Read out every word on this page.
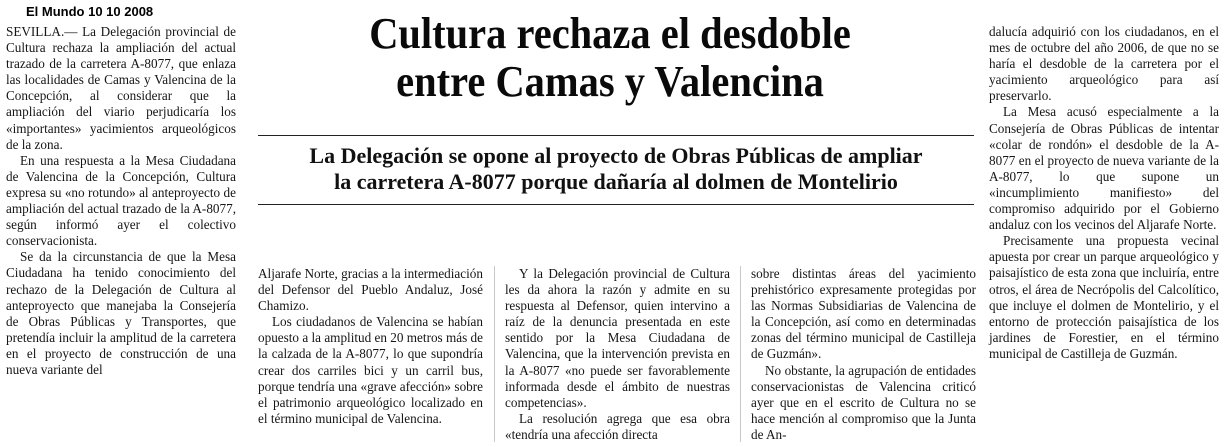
El Mundo 10 10 2008

SEVILLA.— La Delegación provincial de Cultura rechaza la ampliación del actual trazado de la carretera A-8077, que enlaza las localidades de Camas y Valencina de la Concepción, al considerar que la ampliación del viario perjudicaría los «importantes» yacimientos arqueológicos de la zona.

En una respuesta a la Mesa Ciudadana de Valencina de la Concepción, Cultura expresa su «no rotundo» al anteproyecto de ampliación del actual trazado de la A-8077, según informó ayer el colectivo conservacionista.

Se da la circunstancia de que la Mesa Ciudadana ha tenido conocimiento del rechazo de la Delegación de Cultura al anteproyecto que manejaba la Consejería de Obras Públicas y Transportes, que pretendía incluir la amplitud de la carretera en el proyecto de construcción de una nueva variante del

Cultura rechaza el desdoble
entre Camas y Valencina
La Delegación se opone al proyecto de Obras Públicas de ampliar
la carretera A-8077 porque dañaría al dolmen de Montelirio

Aljarafe Norte, gracias a la intermediación del Defensor del Pueblo Andaluz, José Chamizo.

Los ciudadanos de Valencina se habían opuesto a la amplitud en 20 metros más de la calzada de la A-8077, lo que supondría crear dos carriles bici y un carril bus, porque tendría una «grave afección» sobre el patrimonio arqueológico localizado en el término municipal de Valencina.

Y la Delegación provincial de Cultura les da ahora la razón y admite en su respuesta al Defensor, quien intervino a raíz de la denuncia presentada en este sentido por la Mesa Ciudadana de Valencina, que la intervención prevista en la A-8077 «no puede ser favorablemente informada desde el ámbito de nuestras competencias».

La resolución agrega que esa obra «tendría una afección directa

sobre distintas áreas del yacimiento prehistórico expresamente protegidas por las Normas Subsidiarias de Valencina de la Concepción, así como en determinadas zonas del término municipal de Castilleja de Guzmán».

No obstante, la agrupación de entidades conservacionistas de Valencina criticó ayer que en el escrito de Cultura no se hace mención al compromiso que la Junta de An-

dalucía adquirió con los ciudadanos, en el mes de octubre del año 2006, de que no se haría el desdoble de la carretera por el yacimiento arqueológico para así preservarlo.

La Mesa acusó especialmente a la Consejería de Obras Públicas de intentar «colar de rondón» el desdoble de la A-8077 en el proyecto de nueva variante de la A-8077, lo que supone un «incumplimiento manifiesto» del compromiso adquirido por el Gobierno andaluz con los vecinos del Aljarafe Norte.

Precisamente una propuesta vecinal apuesta por crear un parque arqueológico y paisajístico de esta zona que incluiría, entre otros, el área de Necrópolis del Calcolítico, que incluye el dolmen de Montelirio, y el entorno de protección paisajística de los jardines de Forestier, en el término municipal de Castilleja de Guzmán.
